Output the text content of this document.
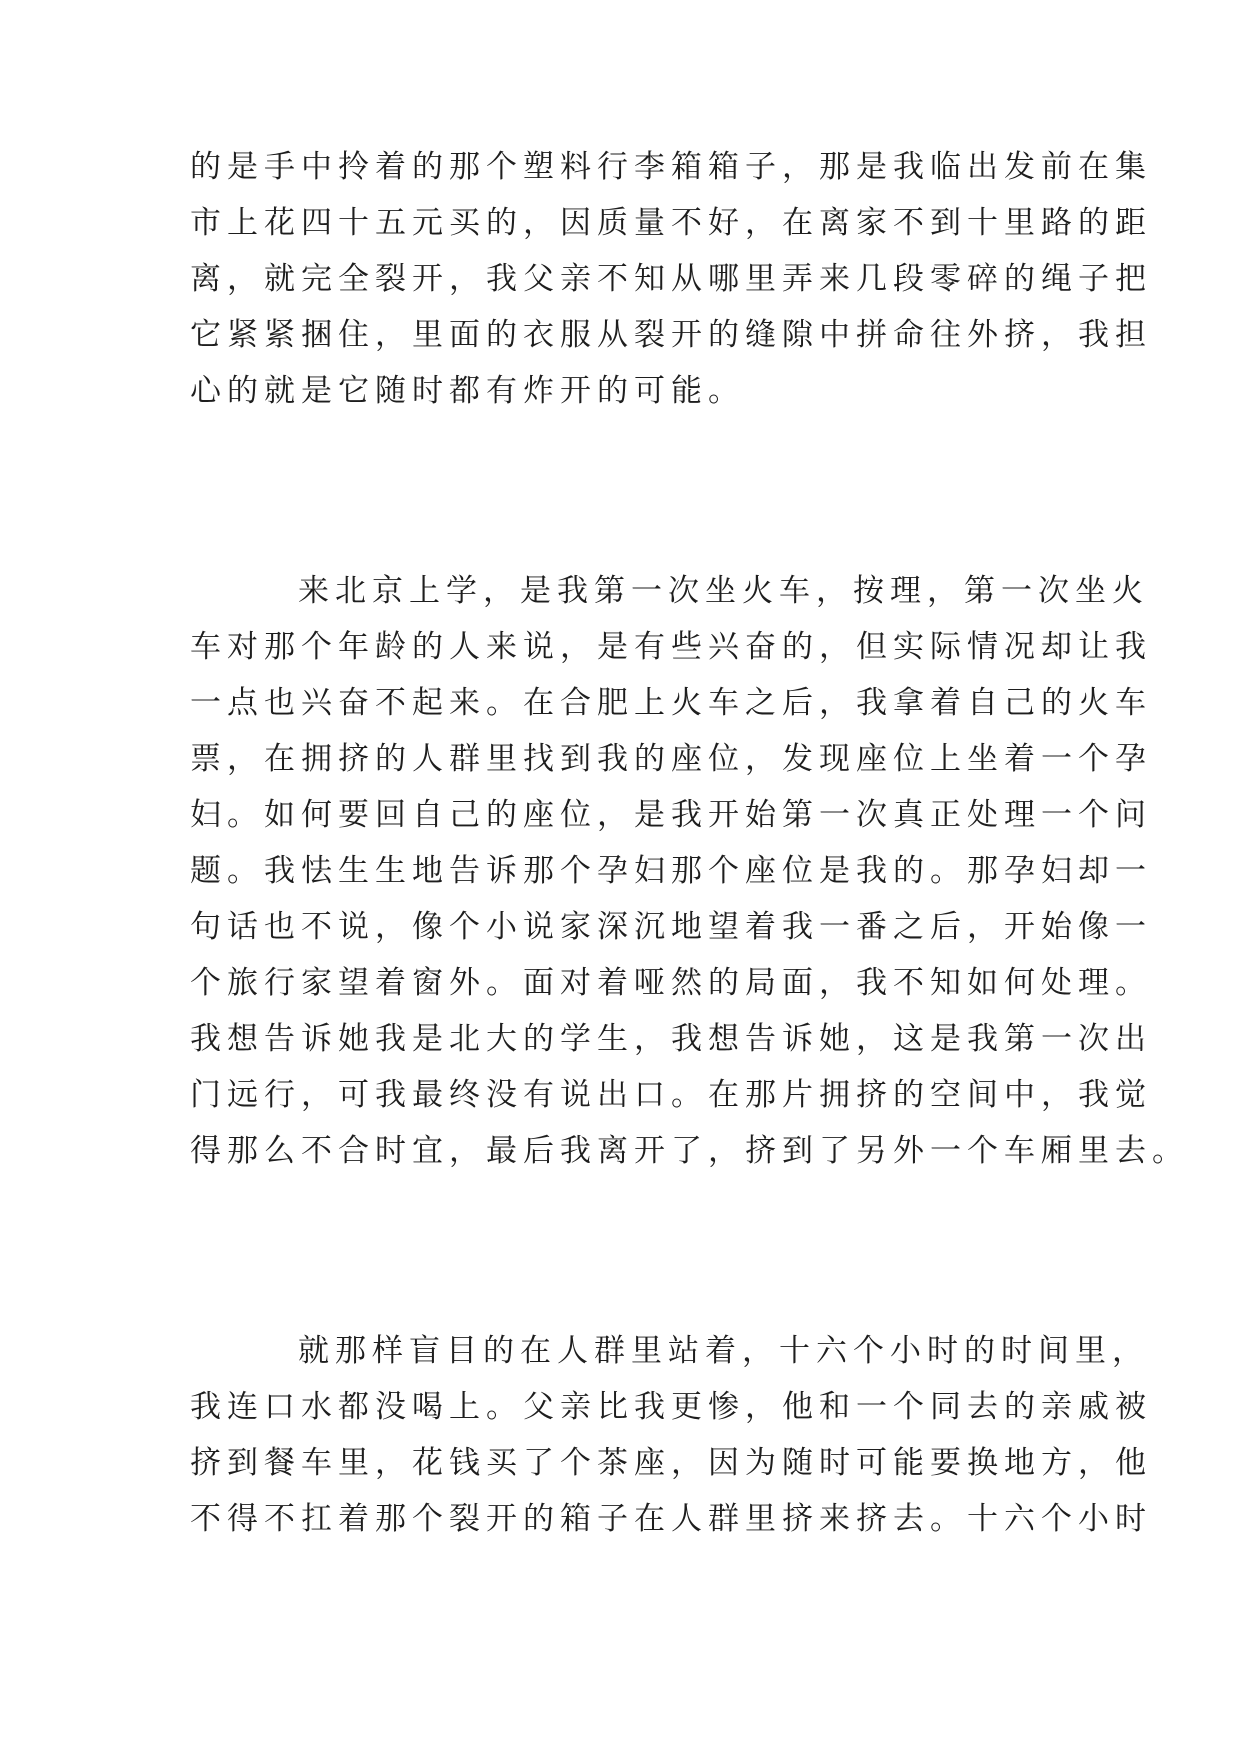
的是手中拎着的那个塑料行李箱箱子，那是我临出发前在集
市上花四十五元买的，因质量不好，在离家不到十里路的距
离，就完全裂开，我父亲不知从哪里弄来几段零碎的绳子把
它紧紧捆住，里面的衣服从裂开的缝隙中拼命往外挤，我担
心的就是它随时都有炸开的可能。
来北京上学，是我第一次坐火车，按理，第一次坐火
车对那个年龄的人来说，是有些兴奋的，但实际情况却让我
一点也兴奋不起来。在合肥上火车之后，我拿着自己的火车
票，在拥挤的人群里找到我的座位，发现座位上坐着一个孕
妇。如何要回自己的座位，是我开始第一次真正处理一个问
题。我怯生生地告诉那个孕妇那个座位是我的。那孕妇却一
句话也不说，像个小说家深沉地望着我一番之后，开始像一
个旅行家望着窗外。面对着哑然的局面，我不知如何处理。
我想告诉她我是北大的学生，我想告诉她，这是我第一次出
门远行，可我最终没有说出口。在那片拥挤的空间中，我觉
得那么不合时宜，最后我离开了，挤到了另外一个车厢里去。
就那样盲目的在人群里站着，十六个小时的时间里，
我连口水都没喝上。父亲比我更惨，他和一个同去的亲戚被
挤到餐车里，花钱买了个茶座，因为随时可能要换地方，他
不得不扛着那个裂开的箱子在人群里挤来挤去。十六个小时
